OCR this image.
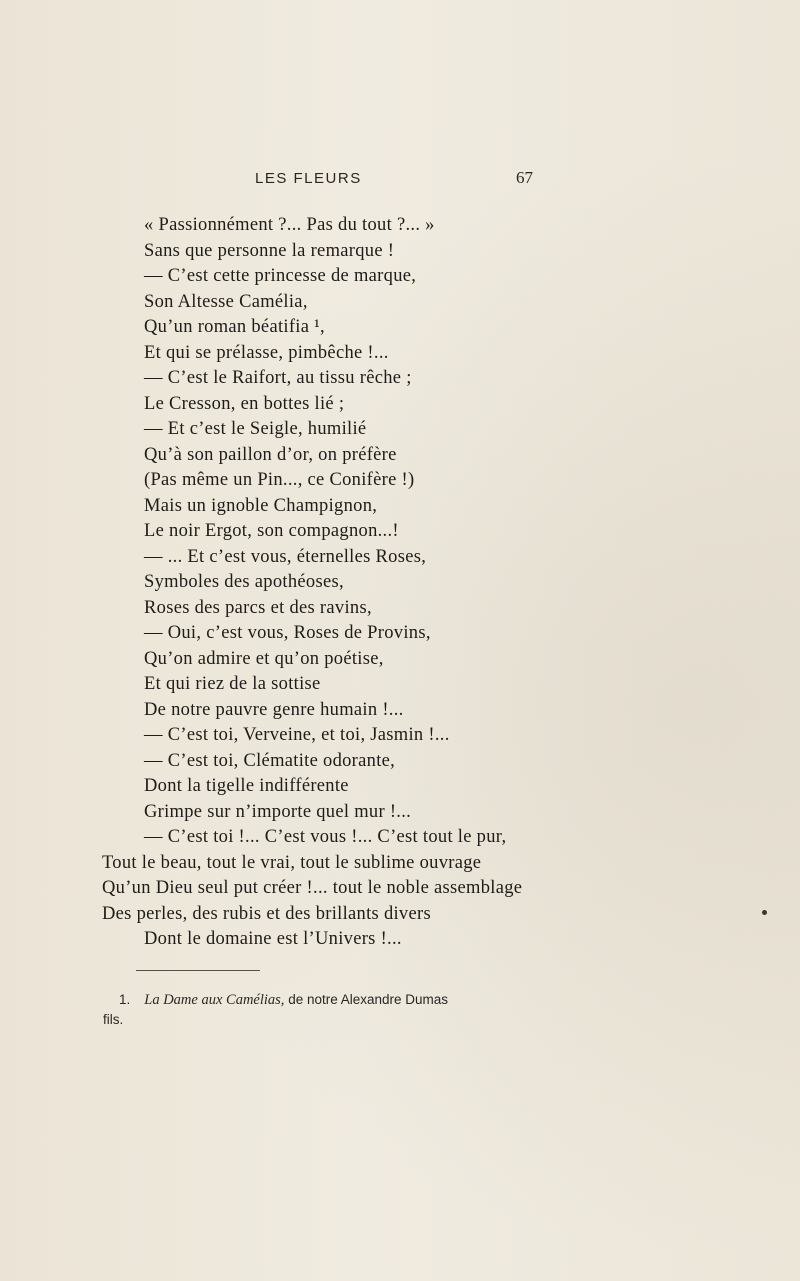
LES FLEURS	67
« Passionnément ?... Pas du tout ?... »
Sans que personne la remarque !
— C’est cette princesse de marque,
Son Altesse Camélia,
Qu’un roman béatifia ¹,
Et qui se prélasse, pimbêche !...
— C’est le Raifort, au tissu rêche ;
Le Cresson, en bottes lié ;
— Et c’est le Seigle, humilié
Qu’à son paillon d’or, on préfère
(Pas même un Pin..., ce Conifère !)
Mais un ignoble Champignon,
Le noir Ergot, son compagnon...!
— ... Et c’est vous, éternelles Roses,
Symboles des apothéoses,
Roses des parcs et des ravins,
— Oui, c’est vous, Roses de Provins,
Qu’on admire et qu’on poétise,
Et qui riez de la sottise
De notre pauvre genre humain !...
— C’est toi, Verveine, et toi, Jasmin !...
— C’est toi, Clématite odorante,
Dont la tigelle indifférente
Grimpe sur n’importe quel mur !...
— C’est toi !... C’est vous !... C’est tout le pur,
Tout le beau, tout le vrai, tout le sublime ouvrage
Qu’un Dieu seul put créer !... tout le noble assemblage
Des perles, des rubis et des brillants divers
Dont le domaine est l’Univers !...
1. La Dame aux Camélias, de notre Alexandre Dumas
fils.
